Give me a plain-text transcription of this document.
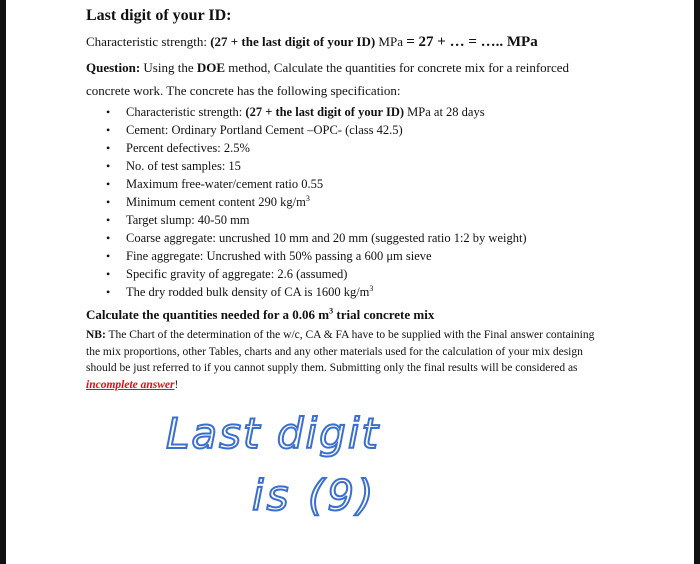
Last digit of your ID:
Characteristic strength: (27 + the last digit of your ID) MPa = 27 + … = ….. MPa
Question: Using the DOE method, Calculate the quantities for concrete mix for a reinforced
concrete work. The concrete has the following specification:
• Characteristic strength: (27 + the last digit of your ID) MPa at 28 days
• Cement: Ordinary Portland Cement –OPC- (class 42.5)
• Percent defectives: 2.5%
• No. of test samples: 15
• Maximum free-water/cement ratio 0.55
• Minimum cement content 290 $kg/m^3$
• Target slump: 40-50 mm
• Coarse aggregate: uncrushed 10 mm and 20 mm (suggested ratio 1:2 by weight)
• Fine aggregate: Uncrushed with 50% passing a 600 μm sieve
• Specific gravity of aggregate: 2.6 (assumed)
• The dry rodded bulk density of CA is 1600 $kg/m^3$
Calculate the quantities needed for a 0.06 $m^3$ trial concrete mix
NB: The Chart of the determination of the w/c, CA & FA have to be supplied with the Final answer containing the mix proportions, other Tables, charts and any other materials used for the calculation of your mix design should be just referred to if you cannot supply them. Submitting only the final results will be considered as incomplete answer!
Last digit
is (9)
